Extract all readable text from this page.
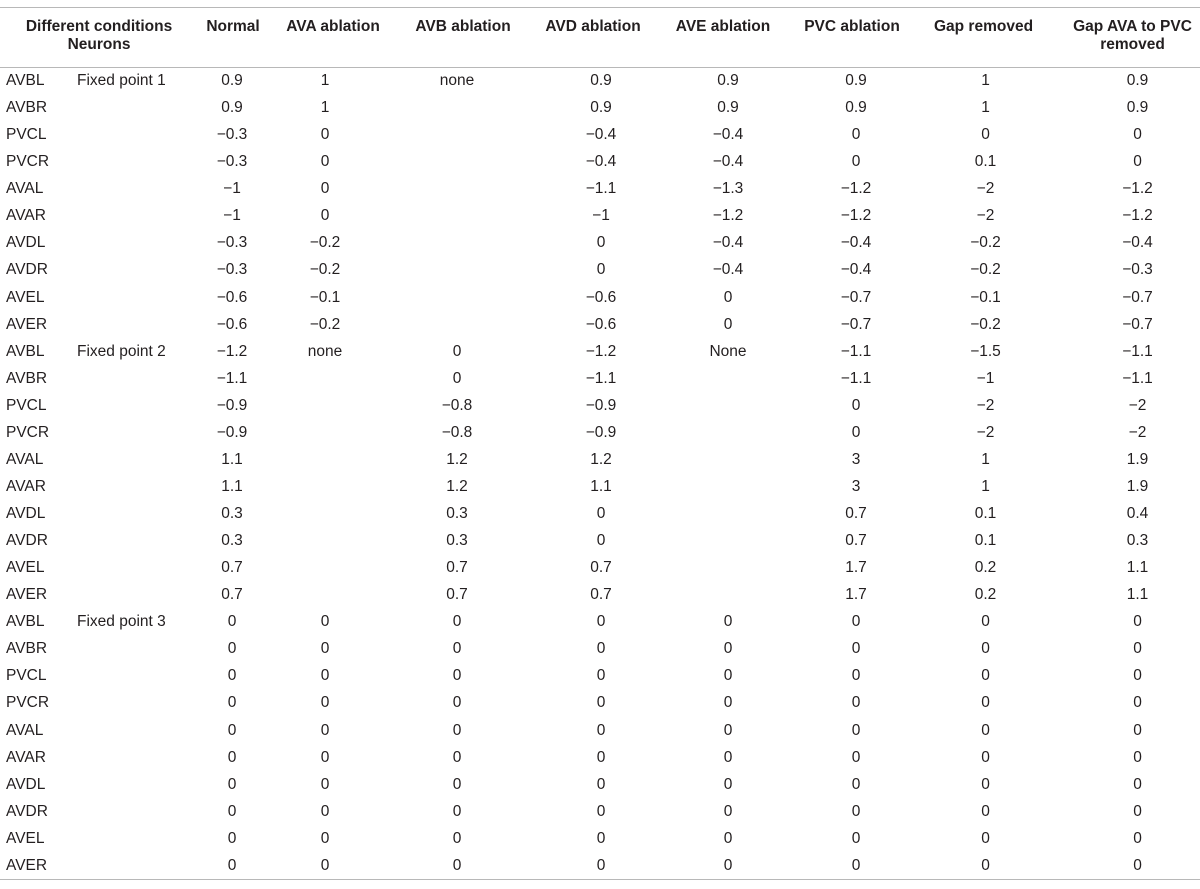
Different conditions
Neurons		Normal	AVA ablation	AVB ablation	AVD ablation	AVE ablation	PVC ablation	Gap removed	Gap AVA to PVC removed
AVBL	Fixed point 1	0.9	1	none	0.9	0.9	0.9	1	0.9
AVBR		0.9	1		0.9	0.9	0.9	1	0.9
PVCL		−0.3	0		−0.4	−0.4	0	0	0
PVCR		−0.3	0		−0.4	−0.4	0	0.1	0
AVAL		−1	0		−1.1	−1.3	−1.2	−2	−1.2
AVAR		−1	0		−1	−1.2	−1.2	−2	−1.2
AVDL		−0.3	−0.2		0	−0.4	−0.4	−0.2	−0.4
AVDR		−0.3	−0.2		0	−0.4	−0.4	−0.2	−0.3
AVEL		−0.6	−0.1		−0.6	0	−0.7	−0.1	−0.7
AVER		−0.6	−0.2		−0.6	0	−0.7	−0.2	−0.7
AVBL	Fixed point 2	−1.2	none	0	−1.2	None	−1.1	−1.5	−1.1
AVBR		−1.1		0	−1.1		−1.1	−1	−1.1
PVCL		−0.9		−0.8	−0.9		0	−2	−2
PVCR		−0.9		−0.8	−0.9		0	−2	−2
AVAL		1.1		1.2	1.2		3	1	1.9
AVAR		1.1		1.2	1.1		3	1	1.9
AVDL		0.3		0.3	0		0.7	0.1	0.4
AVDR		0.3		0.3	0		0.7	0.1	0.3
AVEL		0.7		0.7	0.7		1.7	0.2	1.1
AVER		0.7		0.7	0.7		1.7	0.2	1.1
AVBL	Fixed point 3	0	0	0	0	0	0	0	0
AVBR		0	0	0	0	0	0	0	0
PVCL		0	0	0	0	0	0	0	0
PVCR		0	0	0	0	0	0	0	0
AVAL		0	0	0	0	0	0	0	0
AVAR		0	0	0	0	0	0	0	0
AVDL		0	0	0	0	0	0	0	0
AVDR		0	0	0	0	0	0	0	0
AVEL		0	0	0	0	0	0	0	0
AVER		0	0	0	0	0	0	0	0
